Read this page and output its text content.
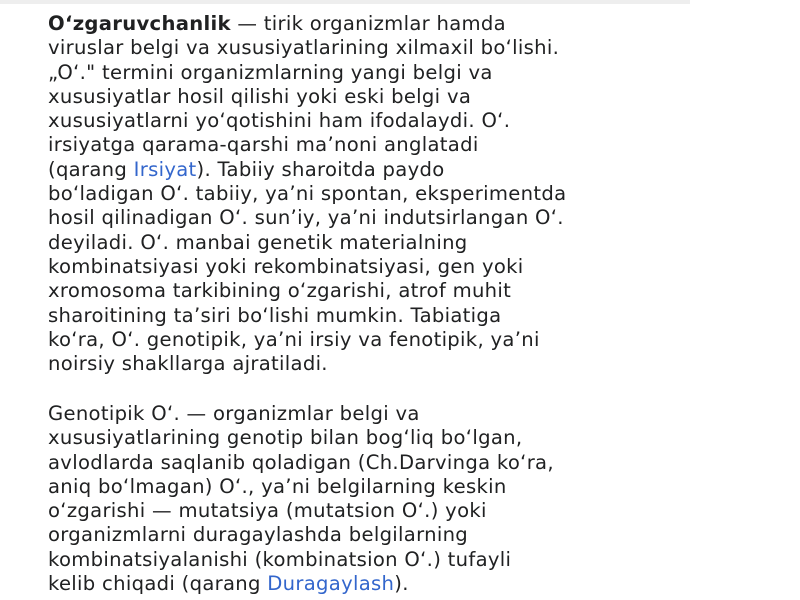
O‘zgaruvchanlik — tirik organizmlar hamda
viruslar belgi va xususiyatlarining xilmaxil bo‘lishi.
„O‘." termini organizmlarning yangi belgi va
xususiyatlar hosil qilishi yoki eski belgi va
xususiyatlarni yo‘qotishini ham ifodalaydi. O‘.
irsiyatga qarama-qarshi ma’noni anglatadi
(qarang Irsiyat). Tabiiy sharoitda paydo
bo‘ladigan O‘. tabiiy, ya’ni spontan, eksperimentda
hosil qilinadigan O‘. sun’iy, ya’ni indutsirlangan O‘.
deyiladi. O‘. manbai genetik materialning
kombinatsiyasi yoki rekombinatsiyasi, gen yoki
xromosoma tarkibining o‘zgarishi, atrof muhit
sharoitining ta’siri bo‘lishi mumkin. Tabiatiga
ko‘ra, O‘. genotipik, ya’ni irsiy va fenotipik, ya’ni
noirsiy shakllarga ajratiladi.

Genotipik O‘. — organizmlar belgi va
xususiyatlarining genotip bilan bog‘liq bo‘lgan,
avlodlarda saqlanib qoladigan (Ch.Darvinga ko‘ra,
aniq bo‘lmagan) O‘., ya’ni belgilarning keskin
o‘zgarishi — mutatsiya (mutatsion O‘.) yoki
organizmlarni duragaylashda belgilarning
kombinatsiyalanishi (kombinatsion O‘.) tufayli
kelib chiqadi (qarang Duragaylash).
